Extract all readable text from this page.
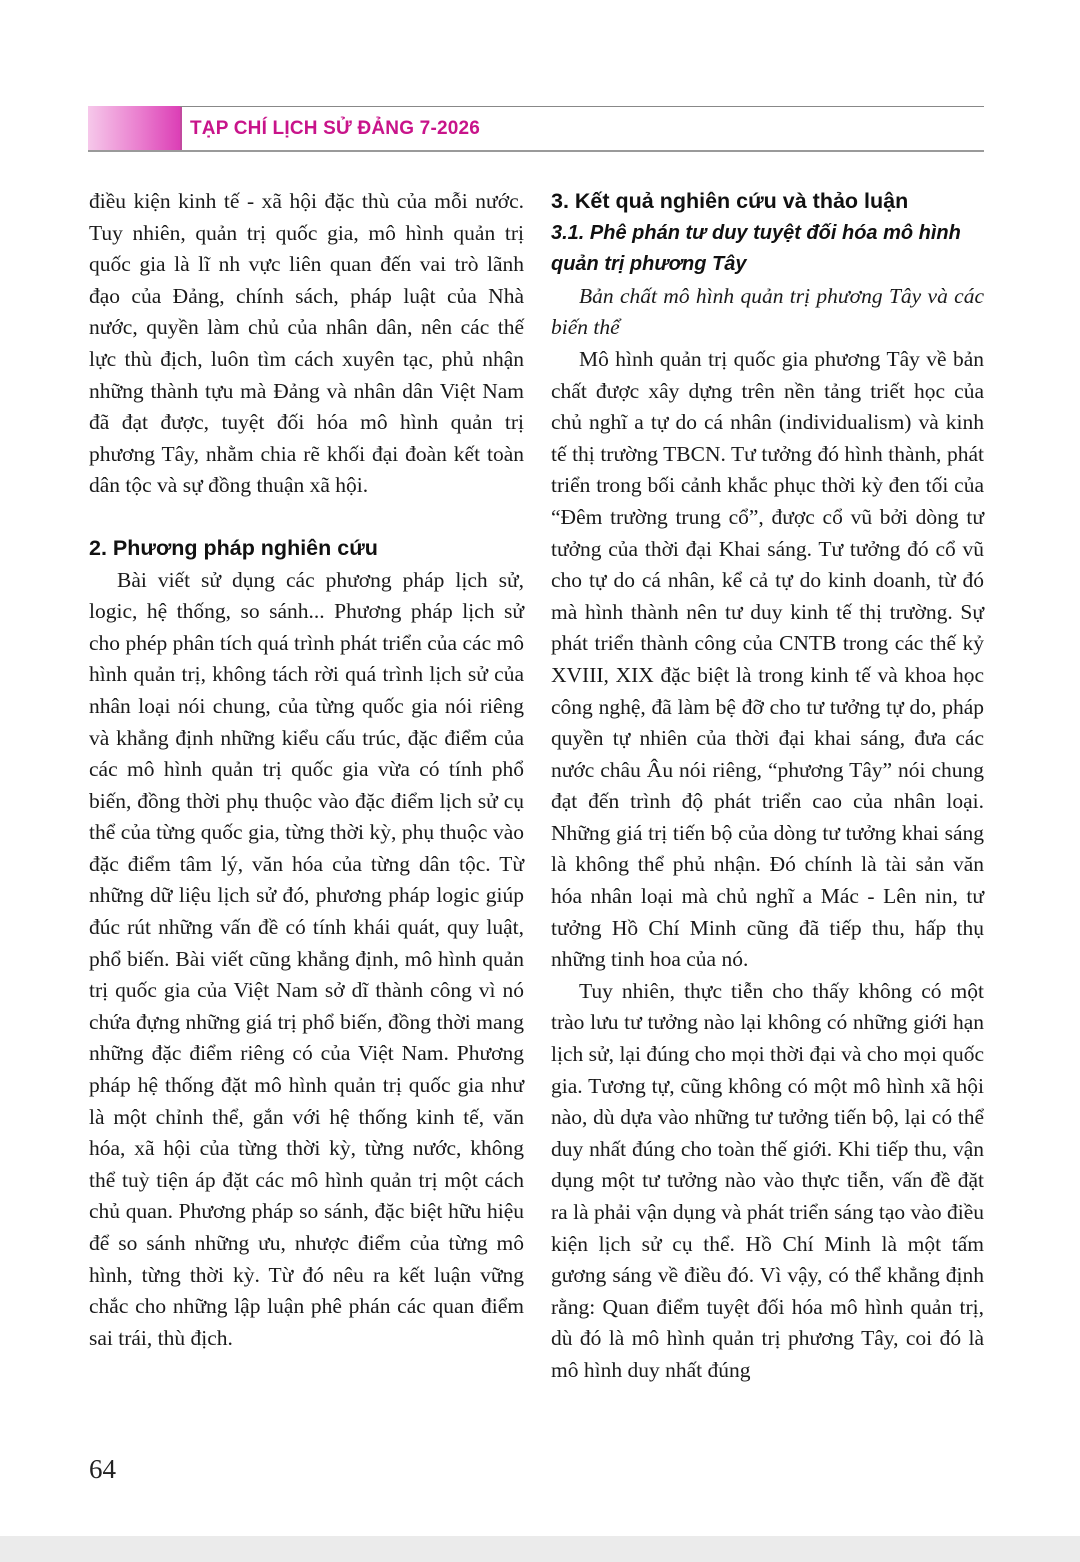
TẠP CHÍ LỊCH SỬ ĐẢNG 7-2026

điều kiện kinh tế - xã hội đặc thù của mỗi nước. Tuy nhiên, quản trị quốc gia, mô hình quản trị quốc gia là lĩ nh vực liên quan đến vai trò lãnh đạo của Đảng, chính sách, pháp luật của Nhà nước, quyền làm chủ của nhân dân, nên các thế lực thù địch, luôn tìm cách xuyên tạc, phủ nhận những thành tựu mà Đảng và nhân dân Việt Nam đã đạt được, tuyệt đối hóa mô hình quản trị phương Tây, nhằm chia rẽ khối đại đoàn kết toàn dân tộc và sự đồng thuận xã hội.

2. Phương pháp nghiên cứu

Bài viết sử dụng các phương pháp lịch sử, logic, hệ thống, so sánh... Phương pháp lịch sử cho phép phân tích quá trình phát triển của các mô hình quản trị, không tách rời quá trình lịch sử của nhân loại nói chung, của từng quốc gia nói riêng và khẳng định những kiểu cấu trúc, đặc điểm của các mô hình quản trị quốc gia vừa có tính phổ biến, đồng thời phụ thuộc vào đặc điểm lịch sử cụ thể của từng quốc gia, từng thời kỳ, phụ thuộc vào đặc điểm tâm lý, văn hóa của từng dân tộc. Từ những dữ liệu lịch sử đó, phương pháp logic giúp đúc rút những vấn đề có tính khái quát, quy luật, phổ biến. Bài viết cũng khẳng định, mô hình quản trị quốc gia của Việt Nam sở dĩ thành công vì nó chứa đựng những giá trị phổ biến, đồng thời mang những đặc điểm riêng có của Việt Nam. Phương pháp hệ thống đặt mô hình quản trị quốc gia như là một chỉnh thể, gắn với hệ thống kinh tế, văn hóa, xã hội của từng thời kỳ, từng nước, không thể tuỳ tiện áp đặt các mô hình quản trị một cách chủ quan. Phương pháp so sánh, đặc biệt hữu hiệu để so sánh những ưu, nhược điểm của từng mô hình, từng thời kỳ. Từ đó nêu ra kết luận vững chắc cho những lập luận phê phán các quan điểm sai trái, thù địch.

3. Kết quả nghiên cứu và thảo luận
3.1. Phê phán tư duy tuyệt đối hóa mô hình quản trị phương Tây

Bản chất mô hình quản trị phương Tây và các biến thể

Mô hình quản trị quốc gia phương Tây về bản chất được xây dựng trên nền tảng triết học của chủ nghĩ a tự do cá nhân (individualism) và kinh tế thị trường TBCN. Tư tưởng đó hình thành, phát triển trong bối cảnh khắc phục thời kỳ đen tối của “Đêm trường trung cổ”, được cổ vũ bởi dòng tư tưởng của thời đại Khai sáng. Tư tưởng đó cổ vũ cho tự do cá nhân, kể cả tự do kinh doanh, từ đó mà hình thành nên tư duy kinh tế thị trường. Sự phát triển thành công của CNTB trong các thế kỷ XVIII, XIX đặc biệt là trong kinh tế và khoa học công nghệ, đã làm bệ đỡ cho tư tưởng tự do, pháp quyền tự nhiên của thời đại khai sáng, đưa các nước châu Âu nói riêng, “phương Tây” nói chung đạt đến trình độ phát triển cao của nhân loại. Những giá trị tiến bộ của dòng tư tưởng khai sáng là không thể phủ nhận. Đó chính là tài sản văn hóa nhân loại mà chủ nghĩ a Mác - Lên nin, tư tưởng Hồ Chí Minh cũng đã tiếp thu, hấp thụ những tinh hoa của nó.

Tuy nhiên, thực tiễn cho thấy không có một trào lưu tư tưởng nào lại không có những giới hạn lịch sử, lại đúng cho mọi thời đại và cho mọi quốc gia. Tương tự, cũng không có một mô hình xã hội nào, dù dựa vào những tư tưởng tiến bộ, lại có thể duy nhất đúng cho toàn thế giới. Khi tiếp thu, vận dụng một tư tưởng nào vào thực tiễn, vấn đề đặt ra là phải vận dụng và phát triển sáng tạo vào điều kiện lịch sử cụ thể. Hồ Chí Minh là một tấm gương sáng về điều đó. Vì vậy, có thể khẳng định rằng: Quan điểm tuyệt đối hóa mô hình quản trị, dù đó là mô hình quản trị phương Tây, coi đó là mô hình duy nhất đúng

64
